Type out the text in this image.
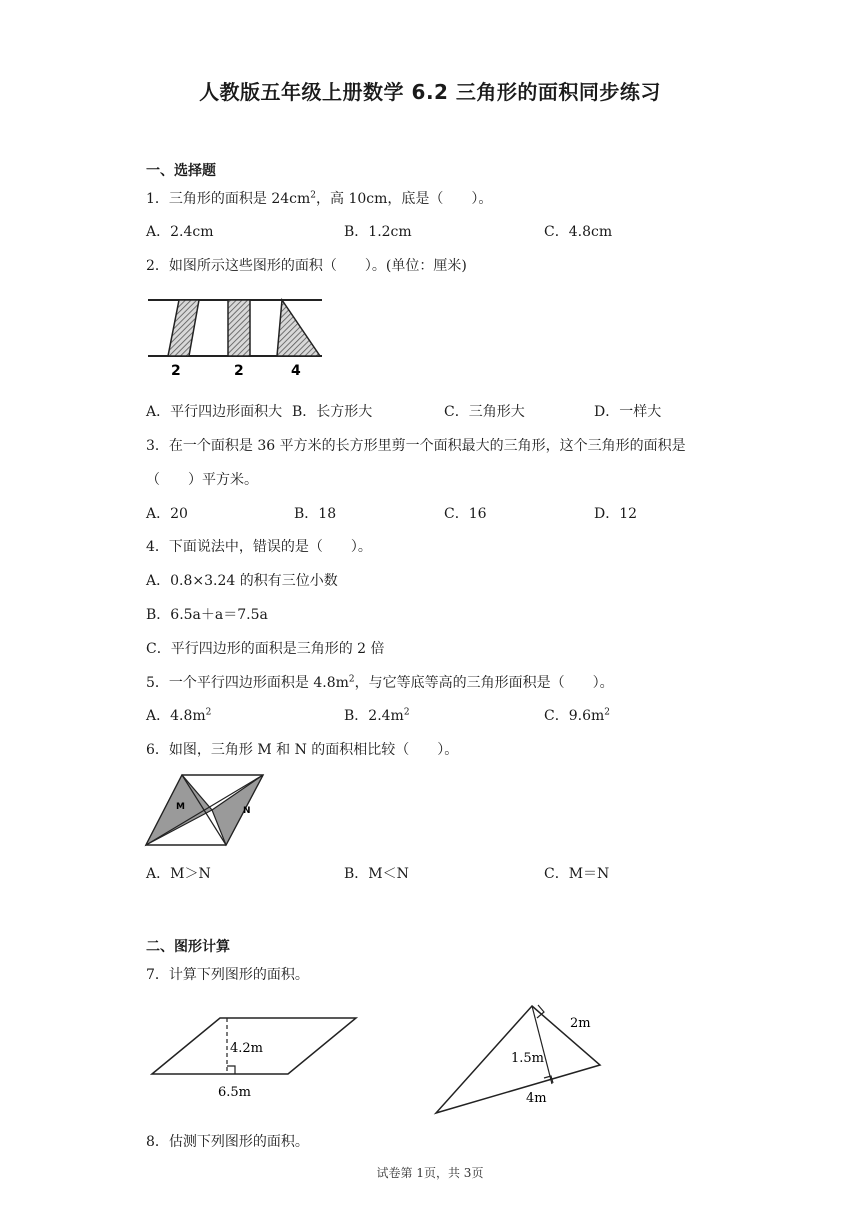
人教版五年级上册数学 6.2 三角形的面积同步练习
一、选择题
1．三角形的面积是 $24cm^2$，高 10cm，底是（　　）。
A．2.4cm	B．1.2cm	C．4.8cm
2．如图所示这些图形的面积（　　）。(单位：厘米)
2	2	4
A．平行四边形面积大 B．长方形大	C．三角形大	D．一样大
3．在一个面积是 36 平方米的长方形里剪一个面积最大的三角形，这个三角形的面积是
（　　）平方米。
A．20	B．18	C．16	D．12
4．下面说法中，错误的是（　　）。
A．0.8×3.24 的积有三位小数
B．6.5a＋a＝7.5a
C．平行四边形的面积是三角形的 2 倍
5．一个平行四边形面积是 $4.8m^2$，与它等底等高的三角形面积是（　　）。
A．$4.8m^2$	B．$2.4m^2$	C．$9.6m^2$
6．如图，三角形 M 和 N 的面积相比较（　　）。
M	N
A．M＞N	B．M＜N	C．M＝N
二、图形计算
7．计算下列图形的面积。
4.2m
6.5m
2m
1.5m
4m
8．估测下列图形的面积。
试卷第 1页，共 3页
